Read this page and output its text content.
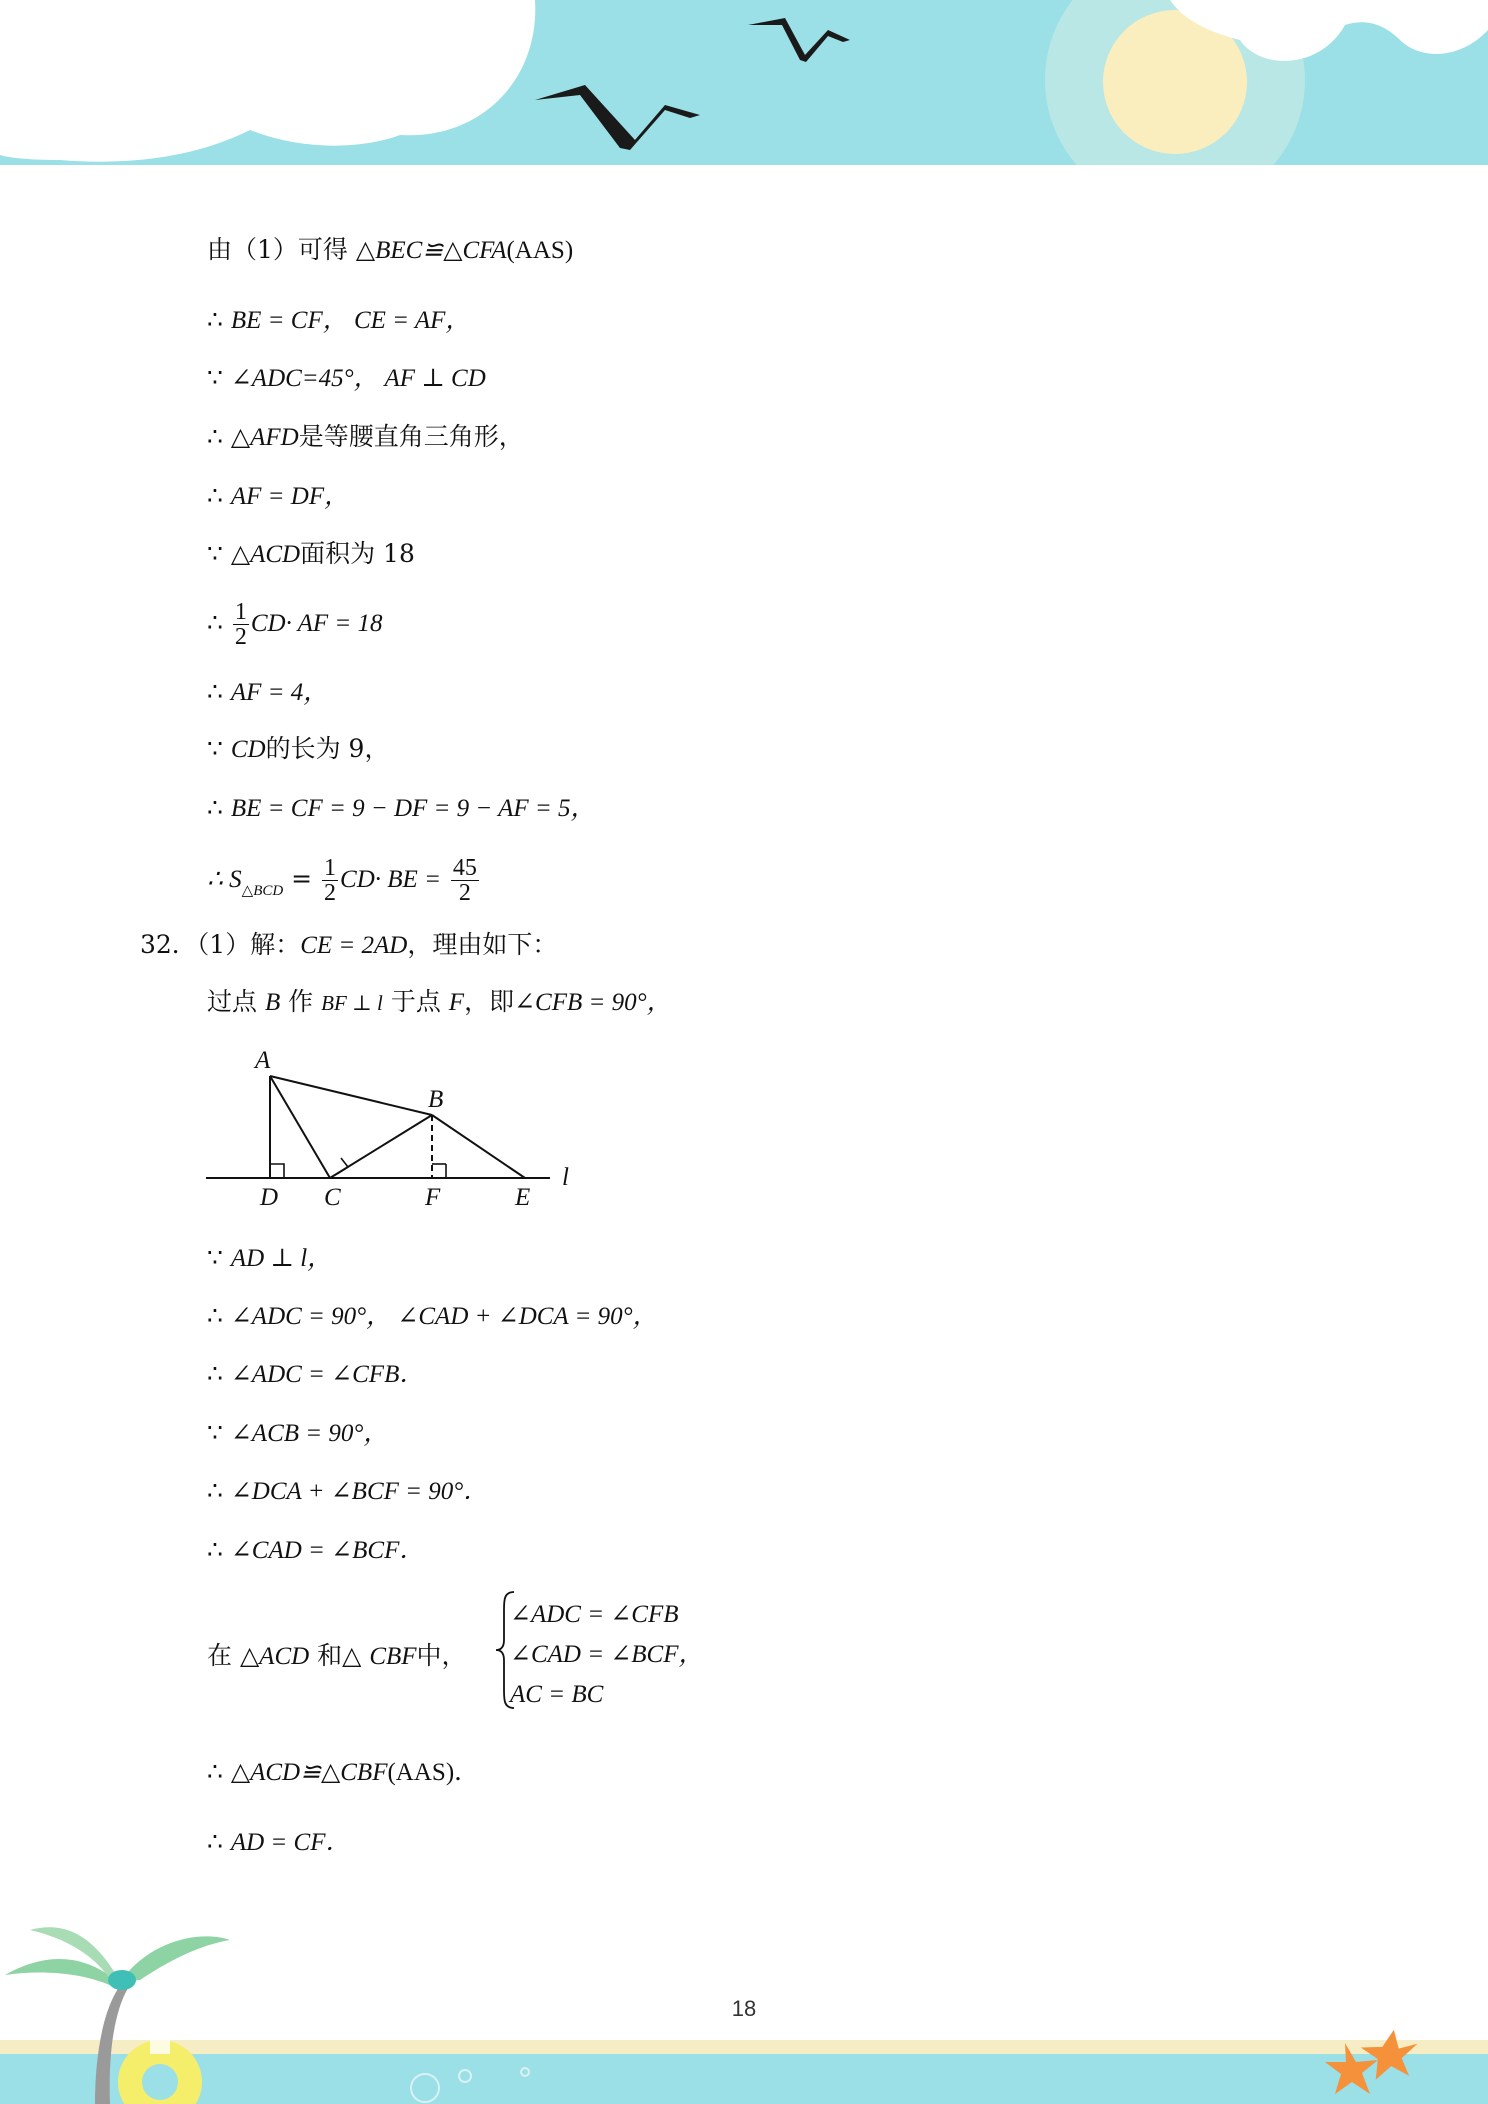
由（1）可得 △BEC≌△CFA(AAS)
∴ BE = CF， CE = AF，
∵ ∠ADC=45°， AF ⊥ CD
∴ △AFD是等腰直角三角形，
∴ AF = DF，
∵ △ACD面积为 18
∴ $\frac{1}{2} CD\cdot$ AF = 18
∴ AF = 4，
∵ CD的长为 9，
∴ BE = CF = 9 − DF = 9 − AF = 5，
∴ $S_{\triangle BCD} = \frac{1}{2} CD\cdot$ BE = $\frac{45}{2}$
32．（1）解：CE = 2AD，理由如下：
过点 B 作 BF ⊥ l 于点 F，即∠CFB = 90°，
A
B
C
D	E
F
l
∵ AD ⊥ l，
∴ ∠ADC = 90°， ∠CAD + ∠DCA = 90°，
∴ ∠ADC = ∠CFB．
∵ ∠ACB = 90°，
∴ ∠DCA + ∠BCF = 90°．
∴ ∠CAD = ∠BCF．
在 △ACD 和△ CBF中，
∠ADC = ∠CFB
∠CAD = ∠BCF，
AC = BC
∴ △ACD≌△CBF(AAS)．
∴ AD = CF．
18
